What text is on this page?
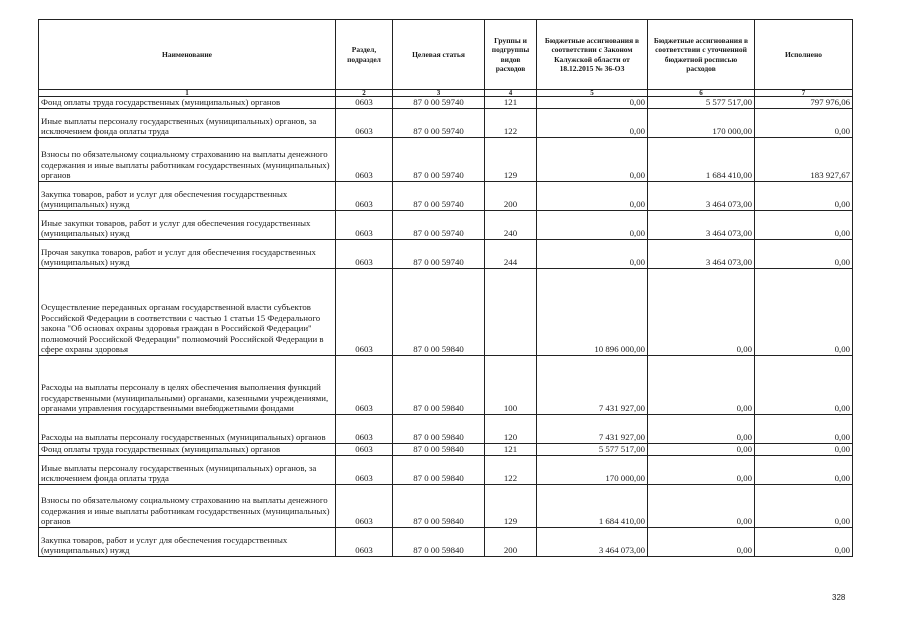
Наименование	Раздел, подраздел	Целевая статья	Группы и подгруппы видов расходов	Бюджетные ассигнования в соответствии с Законом Калужской области от 18.12.2015 № 36-ОЗ	Бюджетные ассигнования в соответствии с уточненной бюджетной росписью расходов	Исполнено
1	2	3	4	5	6	7
Фонд оплаты труда государственных (муниципальных) органов	0603	87 0 00 59740	121	0,00	5 577 517,00	797 976,06
Иные выплаты персоналу государственных (муниципальных) органов, за исключением фонда оплаты труда	0603	87 0 00 59740	122	0,00	170 000,00	0,00
Взносы по обязательному социальному страхованию на выплаты денежного содержания и иные выплаты работникам государственных (муниципальных) органов	0603	87 0 00 59740	129	0,00	1 684 410,00	183 927,67
Закупка товаров, работ и услуг для обеспечения государственных (муниципальных) нужд	0603	87 0 00 59740	200	0,00	3 464 073,00	0,00
Иные закупки товаров, работ и услуг для обеспечения государственных (муниципальных) нужд	0603	87 0 00 59740	240	0,00	3 464 073,00	0,00
Прочая закупка товаров, работ и услуг для обеспечения государственных (муниципальных) нужд	0603	87 0 00 59740	244	0,00	3 464 073,00	0,00
Осуществление переданных органам государственной власти субъектов Российской Федерации в соответствии с частью 1 статьи 15 Федерального закона "Об основах охраны здоровья граждан в Российской Федерации" полномочий Российской Федерации" полномочий Российской Федерации в сфере охраны здоровья	0603	87 0 00 59840		10 896 000,00	0,00	0,00
Расходы на выплаты персоналу в целях обеспечения выполнения функций государственными (муниципальными) органами, казенными учреждениями, органами управления государственными внебюджетными фондами	0603	87 0 00 59840	100	7 431 927,00	0,00	0,00
Расходы на выплаты персоналу государственных (муниципальных) органов	0603	87 0 00 59840	120	7 431 927,00	0,00	0,00
Фонд оплаты труда государственных (муниципальных) органов	0603	87 0 00 59840	121	5 577 517,00	0,00	0,00
Иные выплаты персоналу государственных (муниципальных) органов, за исключением фонда оплаты труда	0603	87 0 00 59840	122	170 000,00	0,00	0,00
Взносы по обязательному социальному страхованию на выплаты денежного содержания и иные выплаты работникам государственных (муниципальных) органов	0603	87 0 00 59840	129	1 684 410,00	0,00	0,00
Закупка товаров, работ и услуг для обеспечения государственных (муниципальных) нужд	0603	87 0 00 59840	200	3 464 073,00	0,00	0,00
328
